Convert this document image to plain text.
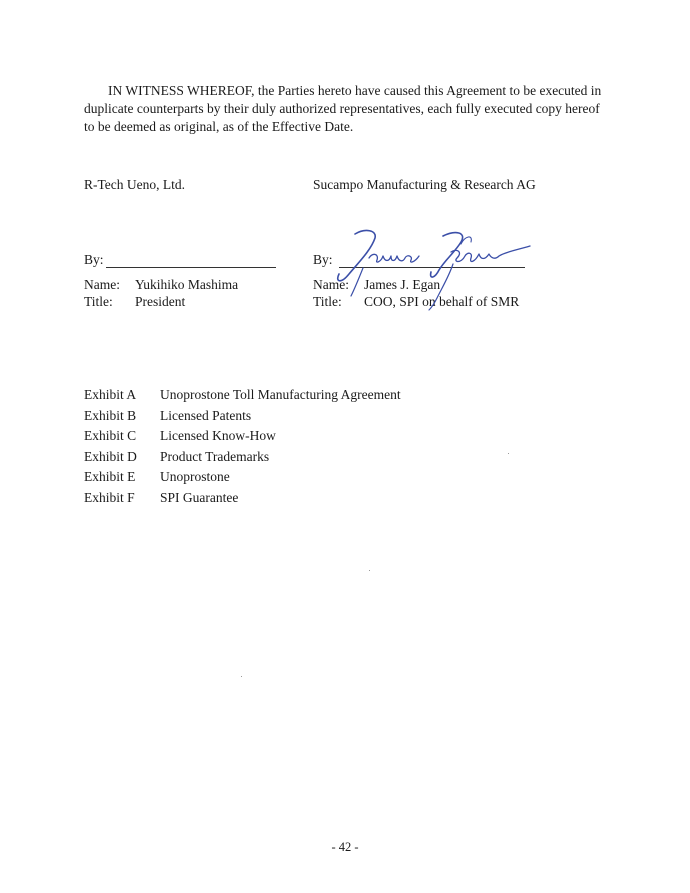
IN WITNESS WHEREOF, the Parties hereto have caused this Agreement to be executed in duplicate counterparts by their duly authorized representatives, each fully executed copy hereof to be deemed as original, as of the Effective Date.

R-Tech Ueno, Ltd.	Sucampo Manufacturing & Research AG
By:
Name:	Yukihiko Mashima
Title:	President
By:
Name:	James J. Egan
Title:	COO, SPI on behalf of SMR
Exhibit A	Unoprostone Toll Manufacturing Agreement
Exhibit B	Licensed Patents
Exhibit C	Licensed Know-How
Exhibit D	Product Trademarks
Exhibit E	Unoprostone
Exhibit F	SPI Guarantee
- 42 -
